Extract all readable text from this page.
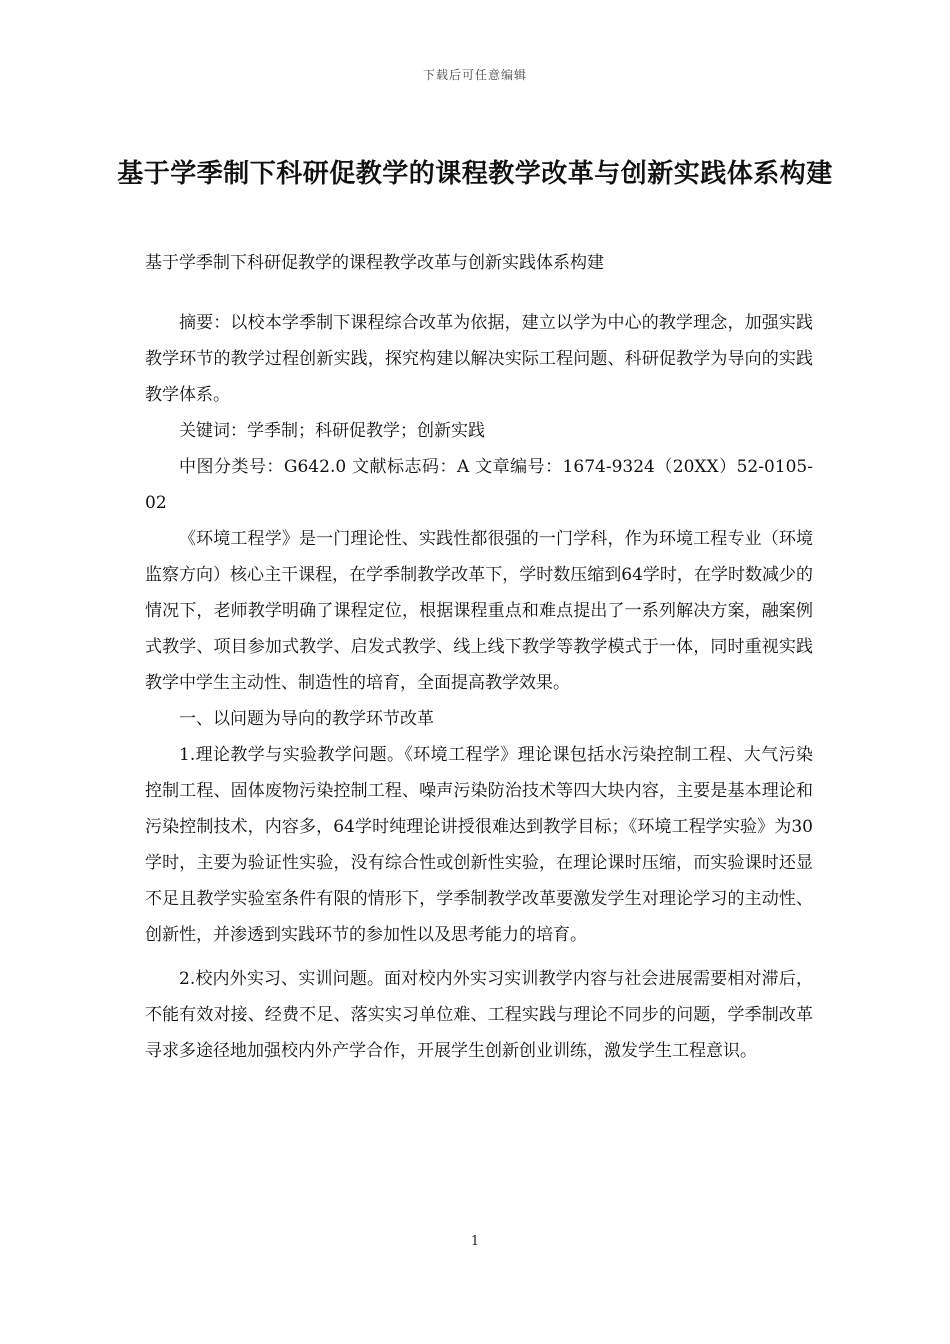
下载后可任意编辑
基于学季制下科研促教学的课程教学改革与创新实践体系构建

基于学季制下科研促教学的课程教学改革与创新实践体系构建

摘要：以校本学季制下课程综合改革为依据，建立以学为中心的教学理念，加强实践教学环节的教学过程创新实践，探究构建以解决实际工程问题、科研促教学为导向的实践教学体系。

关键词：学季制；科研促教学；创新实践

中图分类号：G642.0 文献标志码：A 文章编号：1674-9324（20XX）52-0105-02

《环境工程学》是一门理论性、实践性都很强的一门学科，作为环境工程专业（环境监察方向）核心主干课程，在学季制教学改革下，学时数压缩到64学时，在学时数减少的情况下，老师教学明确了课程定位，根据课程重点和难点提出了一系列解决方案，融案例式教学、项目参加式教学、启发式教学、线上线下教学等教学模式于一体，同时重视实践教学中学生主动性、制造性的培育，全面提高教学效果。

一、以问题为导向的教学环节改革

1.理论教学与实验教学问题。《环境工程学》理论课包括水污染控制工程、大气污染控制工程、固体废物污染控制工程、噪声污染防治技术等四大块内容，主要是基本理论和污染控制技术，内容多，64学时纯理论讲授很难达到教学目标；《环境工程学实验》为30学时，主要为验证性实验，没有综合性或创新性实验，在理论课时压缩，而实验课时还显不足且教学实验室条件有限的情形下，学季制教学改革要激发学生对理论学习的主动性、创新性，并渗透到实践环节的参加性以及思考能力的培育。

2.校内外实习、实训问题。面对校内外实习实训教学内容与社会进展需要相对滞后，不能有效对接、经费不足、落实实习单位难、工程实践与理论不同步的问题，学季制改革寻求多途径地加强校内外产学合作，开展学生创新创业训练，激发学生工程意识。

1
